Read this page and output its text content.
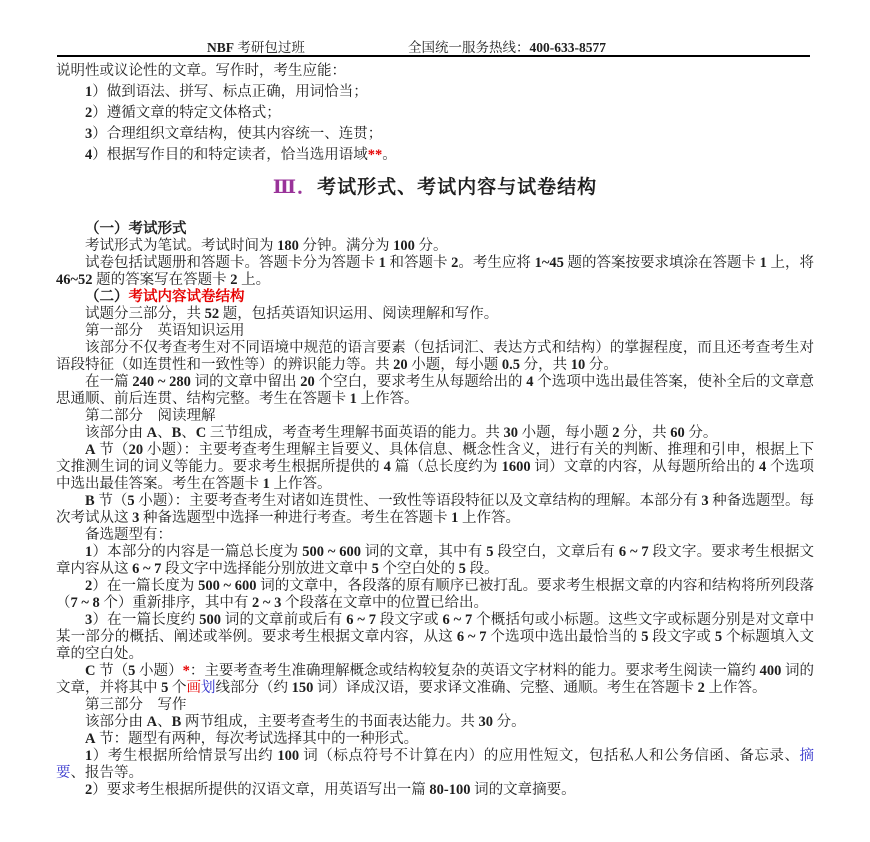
NBF 考研包过班	全国统一服务热线：400-633-8577

说明性或议论性的文章。写作时，考生应能：

1）做到语法、拼写、标点正确，用词恰当；

2）遵循文章的特定文体格式；

3）合理组织文章结构，使其内容统一、连贯；

4）根据写作目的和特定读者，恰当选用语域**。

Ⅲ．考试形式、考试内容与试卷结构

（一）考试形式

考试形式为笔试。考试时间为 180 分钟。满分为 100 分。

试卷包括试题册和答题卡。答题卡分为答题卡 1 和答题卡 2。考生应将 1~45 题的答案按要求填涂在答题卡 1 上，将 46~52 题的答案写在答题卡 2 上。

（二）考试内容试卷结构

试题分三部分，共 52 题，包括英语知识运用、阅读理解和写作。

第一部分　英语知识运用

该部分不仅考查考生对不同语境中规范的语言要素（包括词汇、表达方式和结构）的掌握程度，而且还考查考生对语段特征（如连贯性和一致性等）的辨识能力等。共 20 小题，每小题 0.5 分，共 10 分。

在一篇 240 ~ 280 词的文章中留出 20 个空白，要求考生从每题给出的 4 个选项中选出最佳答案，使补全后的文章意思通顺、前后连贯、结构完整。考生在答题卡 1 上作答。

第二部分　阅读理解

该部分由 A、B、C 三节组成，考查考生理解书面英语的能力。共 30 小题，每小题 2 分，共 60 分。

A 节（20 小题）：主要考查考生理解主旨要义、具体信息、概念性含义，进行有关的判断、推理和引申，根据上下文推测生词的词义等能力。要求考生根据所提供的 4 篇（总长度约为 1600 词）文章的内容，从每题所给出的 4 个选项中选出最佳答案。考生在答题卡 1 上作答。

B 节（5 小题）：主要考查考生对诸如连贯性、一致性等语段特征以及文章结构的理解。本部分有 3 种备选题型。每次考试从这 3 种备选题型中选择一种进行考查。考生在答题卡 1 上作答。

备选题型有：

1）本部分的内容是一篇总长度为 500 ~ 600 词的文章，其中有 5 段空白，文章后有 6 ~ 7 段文字。要求考生根据文章内容从这 6 ~ 7 段文字中选择能分别放进文章中 5 个空白处的 5 段。

2）在一篇长度为 500 ~ 600 词的文章中，各段落的原有顺序已被打乱。要求考生根据文章的内容和结构将所列段落（7 ~ 8 个）重新排序，其中有 2 ~ 3 个段落在文章中的位置已给出。

3）在一篇长度约 500 词的文章前或后有 6 ~ 7 段文字或 6 ~ 7 个概括句或小标题。这些文字或标题分别是对文章中某一部分的概括、阐述或举例。要求考生根据文章内容，从这 6 ~ 7 个选项中选出最恰当的 5 段文字或 5 个标题填入文章的空白处。

C 节（5 小题）*：主要考查考生准确理解概念或结构较复杂的英语文字材料的能力。要求考生阅读一篇约 400 词的文章，并将其中 5 个画划线部分（约 150 词）译成汉语，要求译文准确、完整、通顺。考生在答题卡 2 上作答。

第三部分　写作

该部分由 A、B 两节组成，主要考查考生的书面表达能力。共 30 分。

A 节：题型有两种，每次考试选择其中的一种形式。

1）考生根据所给情景写出约 100 词（标点符号不计算在内）的应用性短文，包括私人和公务信函、备忘录、摘要、报告等。

2）要求考生根据所提供的汉语文章，用英语写出一篇 80-100 词的文章摘要。
